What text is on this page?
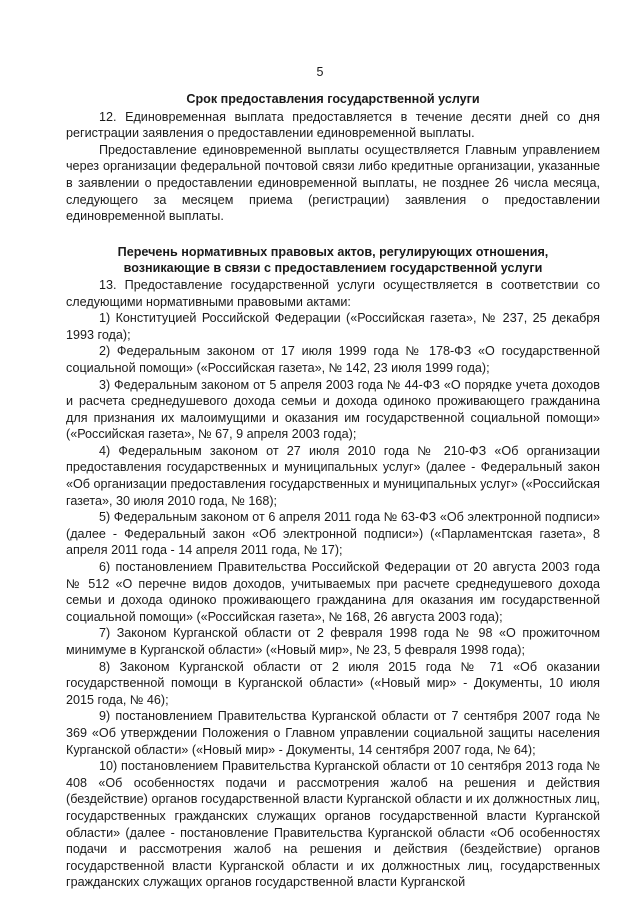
5

Срок предоставления государственной услуги

12. Единовременная выплата предоставляется в течение десяти дней со дня регистрации заявления о предоставлении единовременной выплаты.

Предоставление единовременной выплаты осуществляется Главным управлением через организации федеральной почтовой связи либо кредитные организации, указанные в заявлении о предоставлении единовременной выплаты, не позднее 26 числа месяца, следующего за месяцем приема (регистрации) заявления о предоставлении единовременной выплаты.

Перечень нормативных правовых актов, регулирующих отношения,
возникающие в связи с предоставлением государственной услуги

13. Предоставление государственной услуги осуществляется в соответствии со следующими нормативными правовыми актами:

1) Конституцией Российской Федерации («Российская газета», № 237, 25 декабря 1993 года);

2) Федеральным законом от 17 июля 1999 года № 178-ФЗ «О государственной социальной помощи» («Российская газета», № 142, 23 июля 1999 года);

3) Федеральным законом от 5 апреля 2003 года № 44-ФЗ «О порядке учета доходов и расчета среднедушевого дохода семьи и дохода одиноко проживающего гражданина для признания их малоимущими и оказания им государственной социальной помощи» («Российская газета», № 67, 9 апреля 2003 года);

4) Федеральным законом от 27 июля 2010 года № 210-ФЗ «Об организации предоставления государственных и муниципальных услуг» (далее - Федеральный закон «Об организации предоставления государственных и муниципальных услуг» («Российская газета», 30 июля 2010 года, № 168);

5) Федеральным законом от 6 апреля 2011 года № 63-ФЗ «Об электронной подписи» (далее - Федеральный закон «Об электронной подписи») («Парламентская газета», 8 апреля 2011 года - 14 апреля 2011 года, № 17);

6) постановлением Правительства Российской Федерации от 20 августа 2003 года № 512 «О перечне видов доходов, учитываемых при расчете среднедушевого дохода семьи и дохода одиноко проживающего гражданина для оказания им государственной социальной помощи» («Российская газета», № 168, 26 августа 2003 года);

7) Законом Курганской области от 2 февраля 1998 года № 98 «О прожиточном минимуме в Курганской области» («Новый мир», № 23, 5 февраля 1998 года);

8) Законом Курганской области от 2 июля 2015 года № 71 «Об оказании государственной помощи в Курганской области» («Новый мир» - Документы, 10 июля 2015 года, № 46);

9) постановлением Правительства Курганской области от 7 сентября 2007 года № 369 «Об утверждении Положения о Главном управлении социальной защиты населения Курганской области» («Новый мир» - Документы, 14 сентября 2007 года, № 64);

10) постановлением Правительства Курганской области от 10 сентября 2013 года № 408 «Об особенностях подачи и рассмотрения жалоб на решения и действия (бездействие) органов государственной власти Курганской области и их должностных лиц, государственных гражданских служащих органов государственной власти Курганской области» (далее - постановление Правительства Курганской области «Об особенностях подачи и рассмотрения жалоб на решения и действия (бездействие) органов государственной власти Курганской области и их должностных лиц, государственных гражданских служащих органов государственной власти Курганской
